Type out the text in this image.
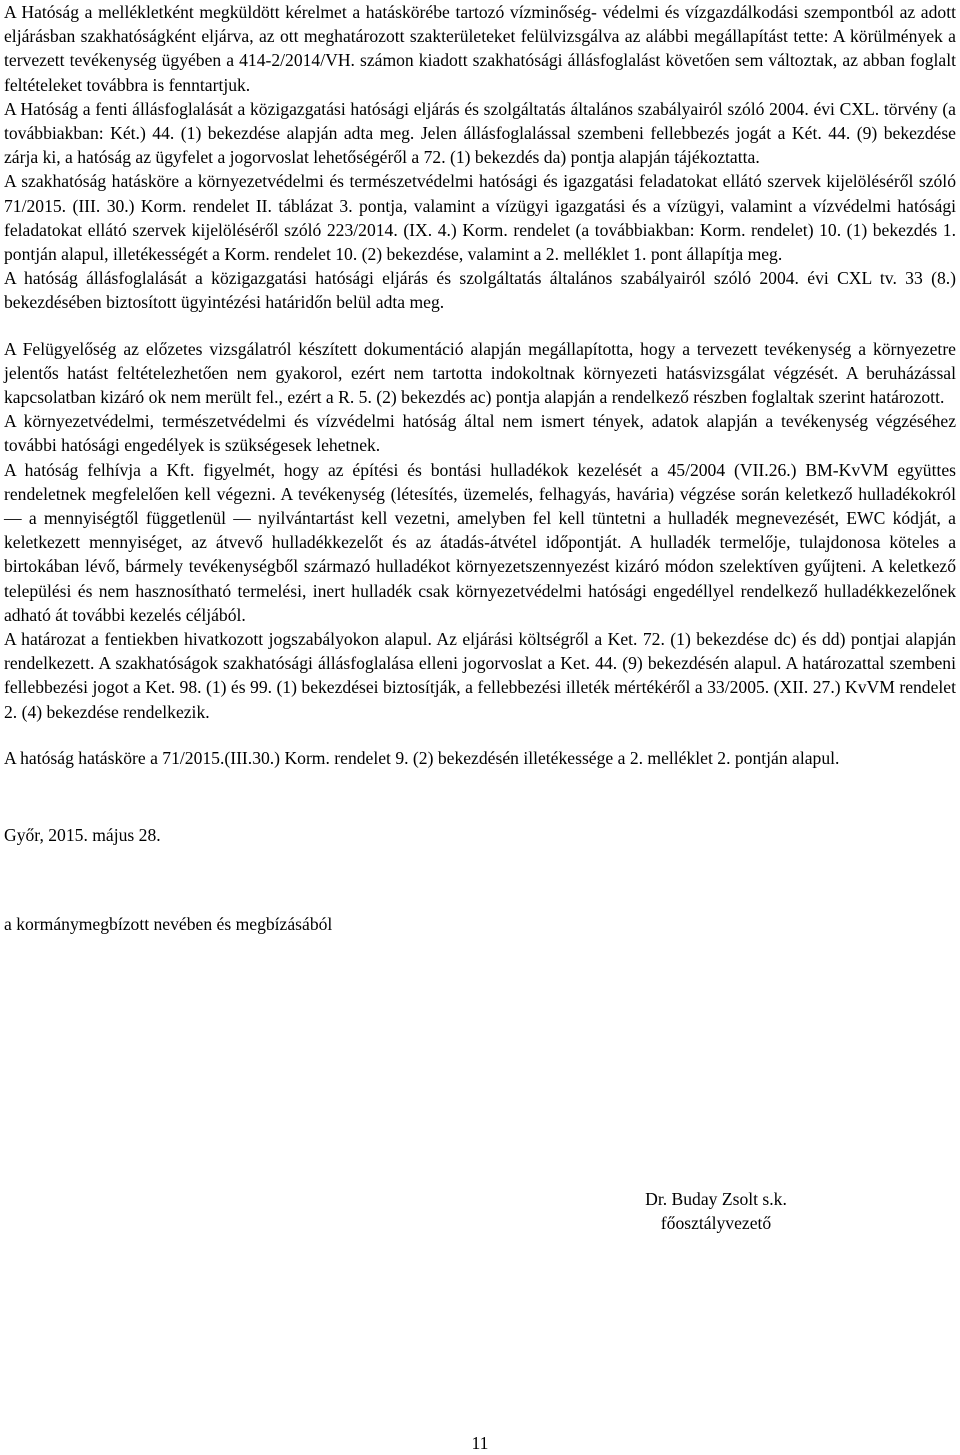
A Hatóság a mellékletként megküldött kérelmet a hatáskörébe tartozó vízminőség- védelmi és vízgazdálkodási szempontból az adott eljárásban szakhatóságként eljárva, az ott meghatározott szakterületeket felülvizsgálva az alábbi megállapítást tette: A körülmények a tervezett tevékenység ügyében a 414-2/2014/VH. számon kiadott szakhatósági állásfoglalást követően sem változtak, az abban foglalt feltételeket továbbra is fenntartjuk.

A Hatóság a fenti állásfoglalását a közigazgatási hatósági eljárás és szolgáltatás általános szabályairól szóló 2004. évi CXL. törvény (a továbbiakban: Két.) 44. (1) bekezdése alapján adta meg. Jelen állásfoglalással szembeni fellebbezés jogát a Két. 44. (9) bekezdése zárja ki, a hatóság az ügyfelet a jogorvoslat lehetőségéről a 72. (1) bekezdés da) pontja alapján tájékoztatta.

A szakhatóság hatásköre a környezetvédelmi és természetvédelmi hatósági és igazgatási feladatokat ellátó szervek kijelöléséről szóló 71/2015. (III. 30.) Korm. rendelet II. táblázat 3. pontja, valamint a vízügyi igazgatási és a vízügyi, valamint a vízvédelmi hatósági feladatokat ellátó szervek kijelöléséről szóló 223/2014. (IX. 4.) Korm. rendelet (a továbbiakban: Korm. rendelet) 10. (1) bekezdés 1. pontján alapul, illetékességét a Korm. rendelet 10. (2) bekezdése, valamint a 2. melléklet 1. pont állapítja meg.

A hatóság állásfoglalását a közigazgatási hatósági eljárás és szolgáltatás általános szabályairól szóló 2004. évi CXL tv. 33 (8.) bekezdésében biztosított ügyintézési határidőn belül adta meg.

A Felügyelőség az előzetes vizsgálatról készített dokumentáció alapján megállapította, hogy a tervezett tevékenység a környezetre jelentős hatást feltételezhetően nem gyakorol, ezért nem tartotta indokoltnak környezeti hatásvizsgálat végzését. A beruházással kapcsolatban kizáró ok nem merült fel., ezért a R. 5. (2) bekezdés ac) pontja alapján a rendelkező részben foglaltak szerint határozott.

A környezetvédelmi, természetvédelmi és vízvédelmi hatóság által nem ismert tények, adatok alapján a tevékenység végzéséhez további hatósági engedélyek is szükségesek lehetnek.

A hatóság felhívja a Kft. figyelmét, hogy az építési és bontási hulladékok kezelését a 45/2004 (VII.26.) BM-KvVM együttes rendeletnek megfelelően kell végezni. A tevékenység (létesítés, üzemelés, felhagyás, havária) végzése során keletkező hulladékokról — a mennyiségtől függetlenül — nyilvántartást kell vezetni, amelyben fel kell tüntetni a hulladék megnevezését, EWC kódját, a keletkezett mennyiséget, az átvevő hulladékkezelőt és az átadás-átvétel időpontját. A hulladék termelője, tulajdonosa köteles a birtokában lévő, bármely tevékenységből származó hulladékot környezetszennyezést kizáró módon szelektíven gyűjteni. A keletkező települési és nem hasznosítható termelési, inert hulladék csak környezetvédelmi hatósági engedéllyel rendelkező hulladékkezelőnek adható át további kezelés céljából.

A határozat a fentiekben hivatkozott jogszabályokon alapul. Az eljárási költségről a Ket. 72. (1) bekezdése dc) és dd) pontjai alapján rendelkezett. A szakhatóságok szakhatósági állásfoglalása elleni jogorvoslat a Ket. 44. (9) bekezdésén alapul. A határozattal szembeni fellebbezési jogot a Ket. 98. (1) és 99. (1) bekezdései biztosítják, a fellebbezési illeték mértékéről a 33/2005. (XII. 27.) KvVM rendelet 2. (4) bekezdése rendelkezik.

A hatóság hatásköre a 71/2015.(III.30.) Korm. rendelet 9. (2) bekezdésén illetékessége a 2. melléklet 2. pontján alapul.

Győr, 2015. május 28.

a kormánymegbízott nevében és megbízásából

Dr. Buday Zsolt s.k.
főosztályvezető
11
